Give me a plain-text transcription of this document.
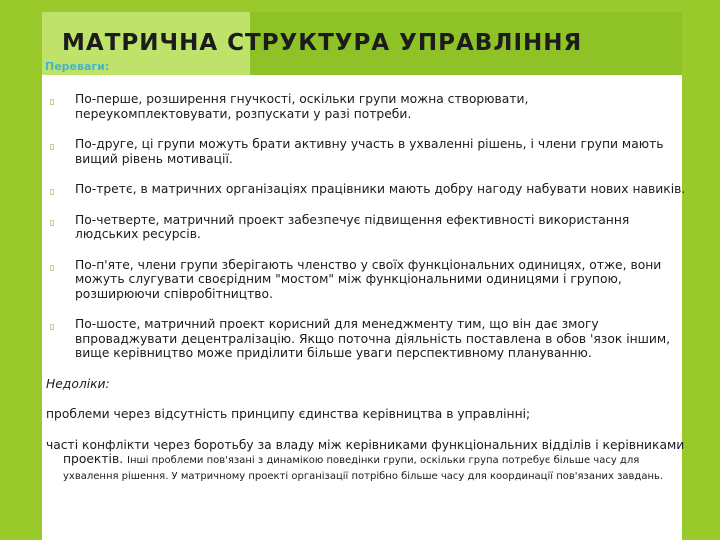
МАТРИЧНА СТРУКТУРА УПРАВЛІННЯ
Переваги:
▯ По-перше, розширення гнучкості, оскільки групи можна створювати, переукомплектовувати, розпускати у разі потреби.
▯ По-друге, ці групи можуть брати активну участь в ухваленні рішень, і члени групи мають вищий рівень мотивації.
▯ По-третє, в матричних організаціях працівники мають добру нагоду набувати нових навиків.
▯ По-четверте, матричний проект забезпечує підвищення ефективності використання людських ресурсів.
▯ По-п'яте, члени групи зберігають членство у своїх функціональних одиницях, отже, вони можуть слугувати своєрідним "мостом" між функціональними одиницями і групою, розширюючи співробітництво.
▯ По-шосте, матричний проект корисний для менеджменту тим, що він дає змогу впроваджувати децентралізацію. Якщо поточна діяльність поставлена в обов 'язок іншим, вище керівництво може приділити більше уваги перспективному плануванню.

Недоліки:

проблеми через відсутність принципу єдинства керівництва в управлінні;

часті конфлікти через боротьбу за владу між керівниками функціональних відділів і керівниками проектів. Інші проблеми пов'язані з динамікою поведінки групи, оскільки група потребує більше часу для ухвалення рішення. У матричному проекті організації потрібно більше часу для координації пов'язаних завдань.
